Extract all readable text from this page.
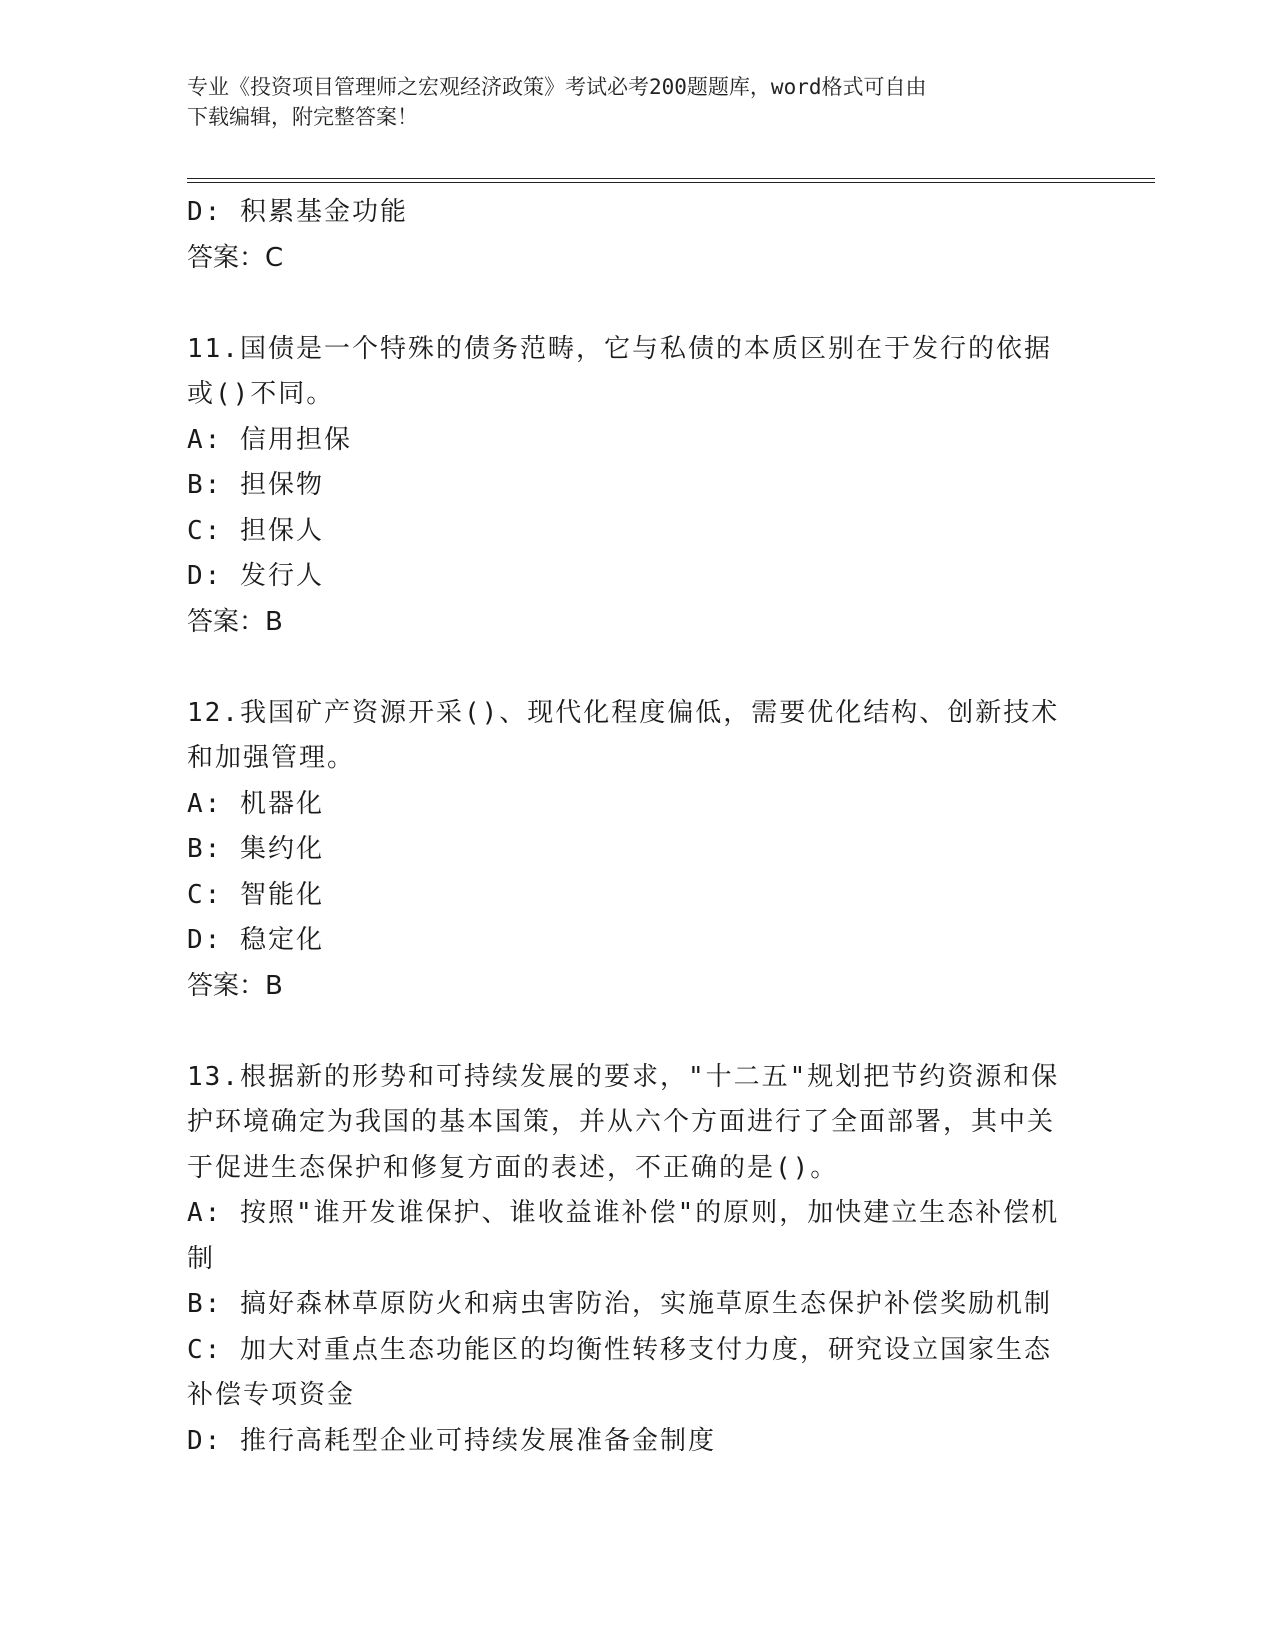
专业《投资项目管理师之宏观经济政策》考试必考200题题库，word格式可自由
下载编辑，附完整答案！

D: 积累基金功能

答案：C

11.国债是一个特殊的债务范畴，它与私债的本质区别在于发行的依据或()不同。

A: 信用担保

B: 担保物

C: 担保人

D: 发行人

答案：B

12.我国矿产资源开采()、现代化程度偏低，需要优化结构、创新技术和加强管理。

A: 机器化

B: 集约化

C: 智能化

D: 稳定化

答案：B

13.根据新的形势和可持续发展的要求，"十二五"规划把节约资源和保护环境确定为我国的基本国策，并从六个方面进行了全面部署，其中关于促进生态保护和修复方面的表述，不正确的是()。

A: 按照"谁开发谁保护、谁收益谁补偿"的原则，加快建立生态补偿机制

B: 搞好森林草原防火和病虫害防治，实施草原生态保护补偿奖励机制

C: 加大对重点生态功能区的均衡性转移支付力度，研究设立国家生态补偿专项资金

D: 推行高耗型企业可持续发展准备金制度
